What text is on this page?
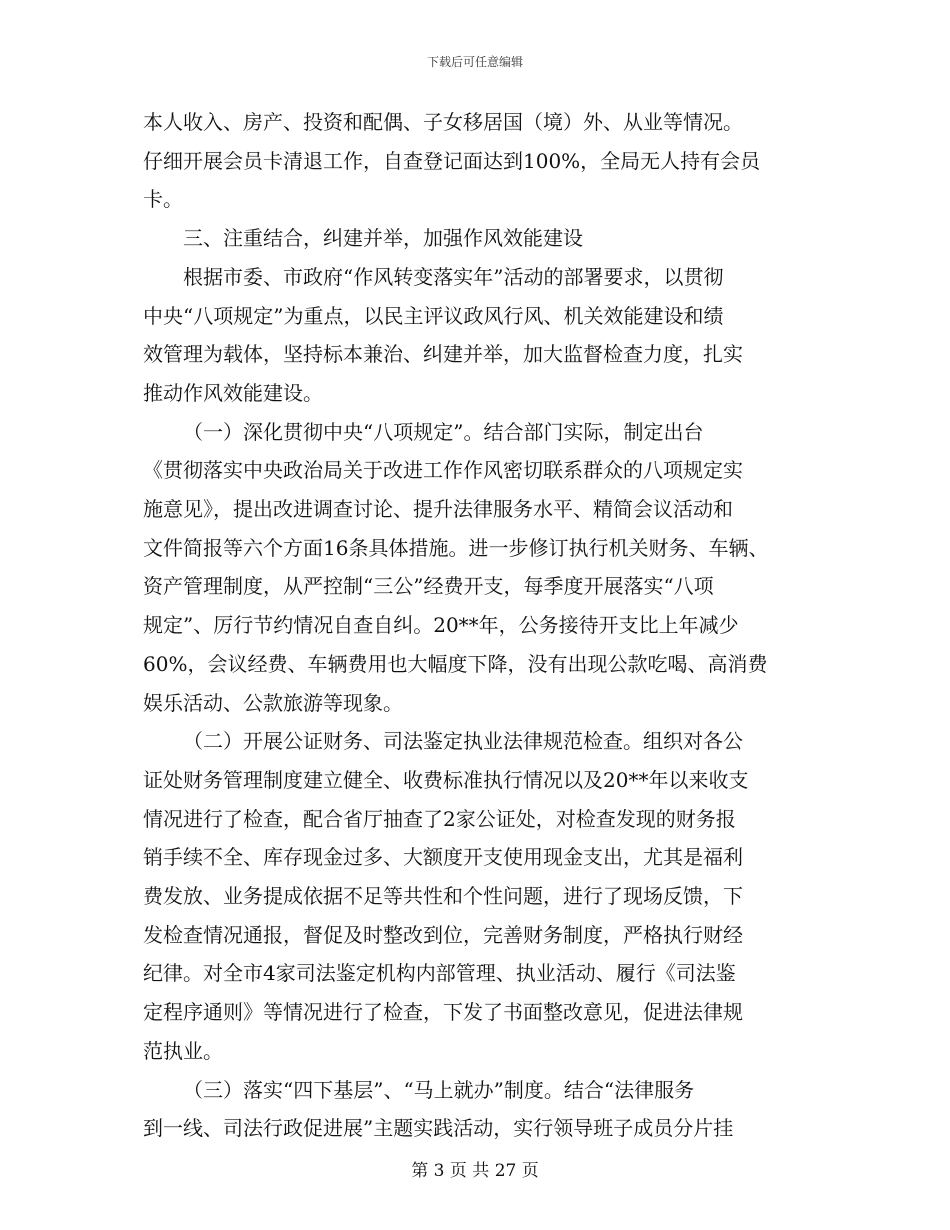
下载后可任意编辑
本人收入、房产、投资和配偶、子女移居国（境）外、从业等情况。
仔细开展会员卡清退工作，自查登记面达到100%，全局无人持有会员
卡。
三、注重结合，纠建并举，加强作风效能建设
根据市委、市政府“作风转变落实年”活动的部署要求，以贯彻
中央“八项规定”为重点，以民主评议政风行风、机关效能建设和绩
效管理为载体，坚持标本兼治、纠建并举，加大监督检查力度，扎实
推动作风效能建设。
（一）深化贯彻中央“八项规定”。结合部门实际，制定出台
《贯彻落实中央政治局关于改进工作作风密切联系群众的八项规定实
施意见》，提出改进调查讨论、提升法律服务水平、精简会议活动和
文件简报等六个方面16条具体措施。进一步修订执行机关财务、车辆、
资产管理制度，从严控制“三公”经费开支，每季度开展落实“八项
规定”、厉行节约情况自查自纠。20**年，公务接待开支比上年减少
60%，会议经费、车辆费用也大幅度下降，没有出现公款吃喝、高消费
娱乐活动、公款旅游等现象。
（二）开展公证财务、司法鉴定执业法律规范检查。组织对各公
证处财务管理制度建立健全、收费标准执行情况以及20**年以来收支
情况进行了检查，配合省厅抽查了2家公证处，对检查发现的财务报
销手续不全、库存现金过多、大额度开支使用现金支出，尤其是福利
费发放、业务提成依据不足等共性和个性问题，进行了现场反馈，下
发检查情况通报，督促及时整改到位，完善财务制度，严格执行财经
纪律。对全市4家司法鉴定机构内部管理、执业活动、履行《司法鉴
定程序通则》等情况进行了检查，下发了书面整改意见，促进法律规
范执业。
（三）落实“四下基层”、“马上就办”制度。结合“法律服务
到一线、司法行政促进展”主题实践活动，实行领导班子成员分片挂
第 3 页 共 27 页
